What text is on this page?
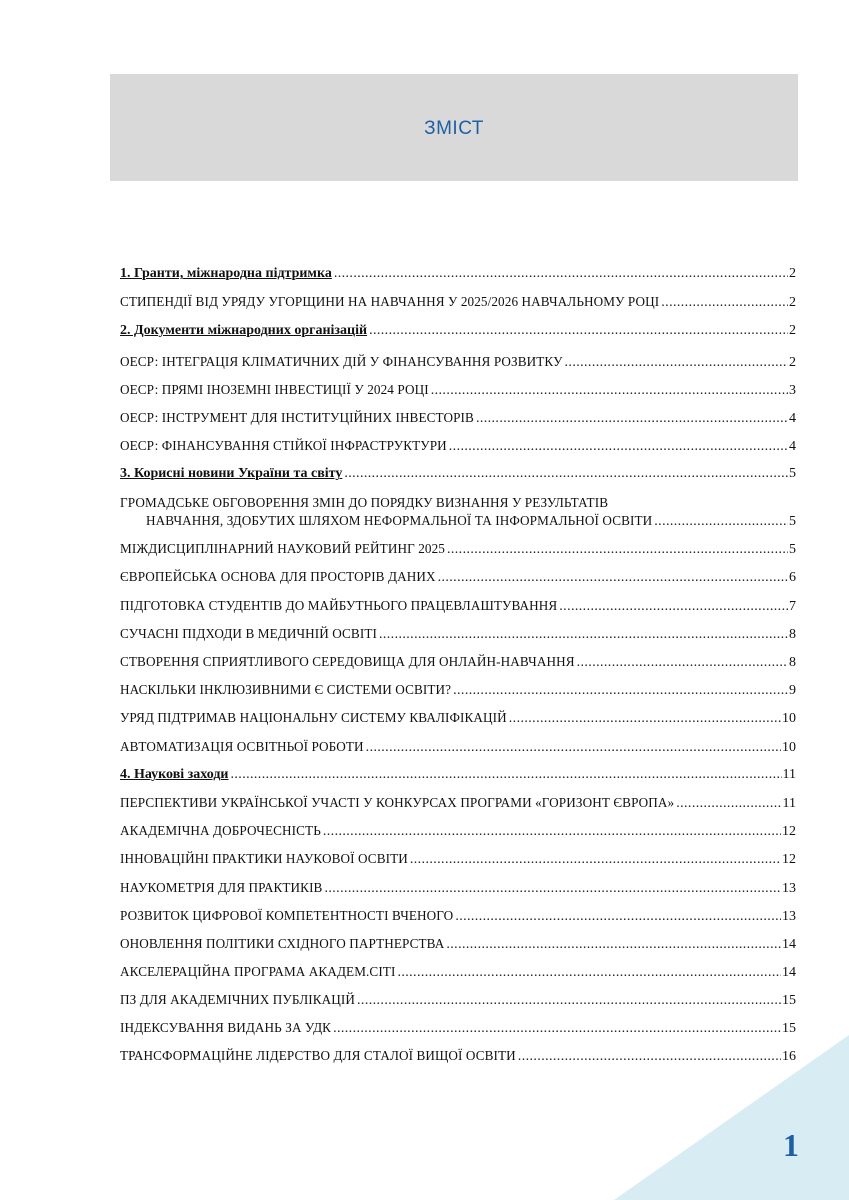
ЗМІСТ
1. Гранти, міжнародна підтримка .....	2
СТИПЕНДІЇ ВІД УРЯДУ УГОРЩИНИ НА НАВЧАННЯ У 2025/2026 НАВЧАЛЬНОМУ РОЦІ .....	2
2. Документи міжнародних організацій .....	2
ОЕСР: ІНТЕГРАЦІЯ КЛІМАТИЧНИХ ДІЙ У ФІНАНСУВАННЯ РОЗВИТКУ .....	2
ОЕСР: ПРЯМІ ІНОЗЕМНІ ІНВЕСТИЦІЇ У 2024 РОЦІ .....	3
ОЕСР: ІНСТРУМЕНТ ДЛЯ ІНСТИТУЦІЙНИХ ІНВЕСТОРІВ .....	4
ОЕСР: ФІНАНСУВАННЯ СТІЙКОЇ ІНФРАСТРУКТУРИ .....	4
3. Корисні новини України та світу .....	5
ГРОМАДСЬКЕ ОБГОВОРЕННЯ ЗМІН ДО ПОРЯДКУ ВИЗНАННЯ У РЕЗУЛЬТАТІВ
НАВЧАННЯ, ЗДОБУТИХ ШЛЯХОМ НЕФОРМАЛЬНОЇ ТА ІНФОРМАЛЬНОЇ ОСВІТИ .....	5
МІЖДИСЦИПЛІНАРНИЙ НАУКОВИЙ РЕЙТИНГ 2025 .....	5
ЄВРОПЕЙСЬКА ОСНОВА ДЛЯ ПРОСТОРІВ ДАНИХ .....	6
ПІДГОТОВКА СТУДЕНТІВ ДО МАЙБУТНЬОГО ПРАЦЕВЛАШТУВАННЯ .....	7
СУЧАСНІ ПІДХОДИ В МЕДИЧНІЙ ОСВІТІ .....	8
СТВОРЕННЯ СПРИЯТЛИВОГО СЕРЕДОВИЩА ДЛЯ ОНЛАЙН-НАВЧАННЯ .....	8
НАСКІЛЬКИ ІНКЛЮЗИВНИМИ Є СИСТЕМИ ОСВІТИ? .....	9
УРЯД ПІДТРИМАВ НАЦІОНАЛЬНУ СИСТЕМУ КВАЛІФІКАЦІЙ .....	10
АВТОМАТИЗАЦІЯ ОСВІТНЬОЇ РОБОТИ .....	10
4. Наукові заходи .....	11
ПЕРСПЕКТИВИ УКРАЇНСЬКОЇ УЧАСТІ У КОНКУРСАХ ПРОГРАМИ «ГОРИЗОНТ ЄВРОПА» .....	11
АКАДЕМІЧНА ДОБРОЧЕСНІСТЬ .....	12
ІННОВАЦІЙНІ ПРАКТИКИ НАУКОВОЇ ОСВІТИ .....	12
НАУКОМЕТРІЯ ДЛЯ ПРАКТИКІВ .....	13
РОЗВИТОК ЦИФРОВОЇ КОМПЕТЕНТНОСТІ ВЧЕНОГО .....	13
ОНОВЛЕННЯ ПОЛІТИКИ СХІДНОГО ПАРТНЕРСТВА .....	14
АКСЕЛЕРАЦІЙНА ПРОГРАМА АКАДЕМ.СІТІ .....	14
ПЗ ДЛЯ АКАДЕМІЧНИХ ПУБЛІКАЦІЙ .....	15
ІНДЕКСУВАННЯ ВИДАНЬ ЗА УДК .....	15
ТРАНСФОРМАЦІЙНЕ ЛІДЕРСТВО ДЛЯ СТАЛОЇ ВИЩОЇ ОСВІТИ .....	16
1
